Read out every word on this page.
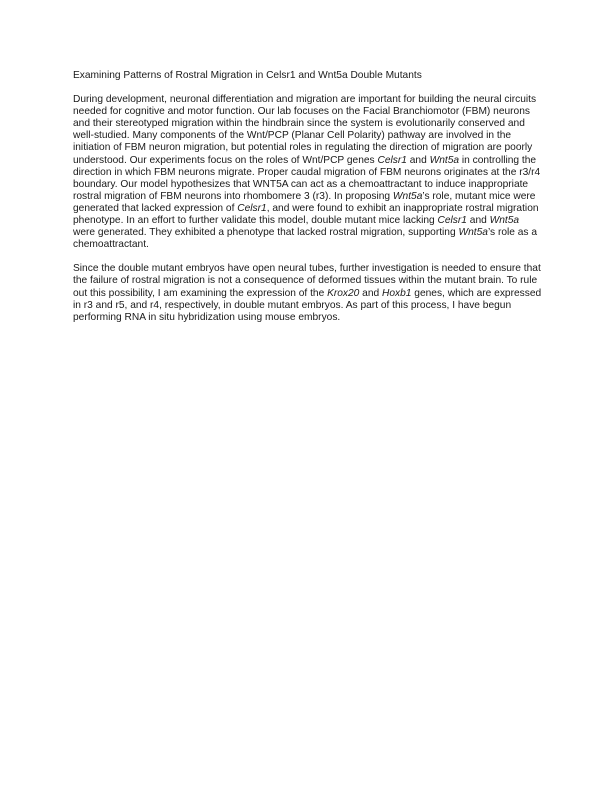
Examining Patterns of Rostral Migration in Celsr1 and Wnt5a Double Mutants

During development, neuronal differentiation and migration are important for building the neural circuits needed for cognitive and motor function. Our lab focuses on the Facial Branchiomotor (FBM) neurons and their stereotyped migration within the hindbrain since the system is evolutionarily conserved and well-studied. Many components of the Wnt/PCP (Planar Cell Polarity) pathway are involved in the initiation of FBM neuron migration, but potential roles in regulating the direction of migration are poorly understood. Our experiments focus on the roles of Wnt/PCP genes Celsr1 and Wnt5a in controlling the direction in which FBM neurons migrate. Proper caudal migration of FBM neurons originates at the r3/r4 boundary. Our model hypothesizes that WNT5A can act as a chemoattractant to induce inappropriate rostral migration of FBM neurons into rhombomere 3 (r3). In proposing Wnt5a’s role, mutant mice were generated that lacked expression of Celsr1, and were found to exhibit an inappropriate rostral migration phenotype. In an effort to further validate this model, double mutant mice lacking Celsr1 and Wnt5a were generated. They exhibited a phenotype that lacked rostral migration, supporting Wnt5a’s role as a chemoattractant.

Since the double mutant embryos have open neural tubes, further investigation is needed to ensure that the failure of rostral migration is not a consequence of deformed tissues within the mutant brain. To rule out this possibility, I am examining the expression of the Krox20 and Hoxb1 genes, which are expressed in r3 and r5, and r4, respectively, in double mutant embryos. As part of this process, I have begun performing RNA in situ hybridization using mouse embryos.
